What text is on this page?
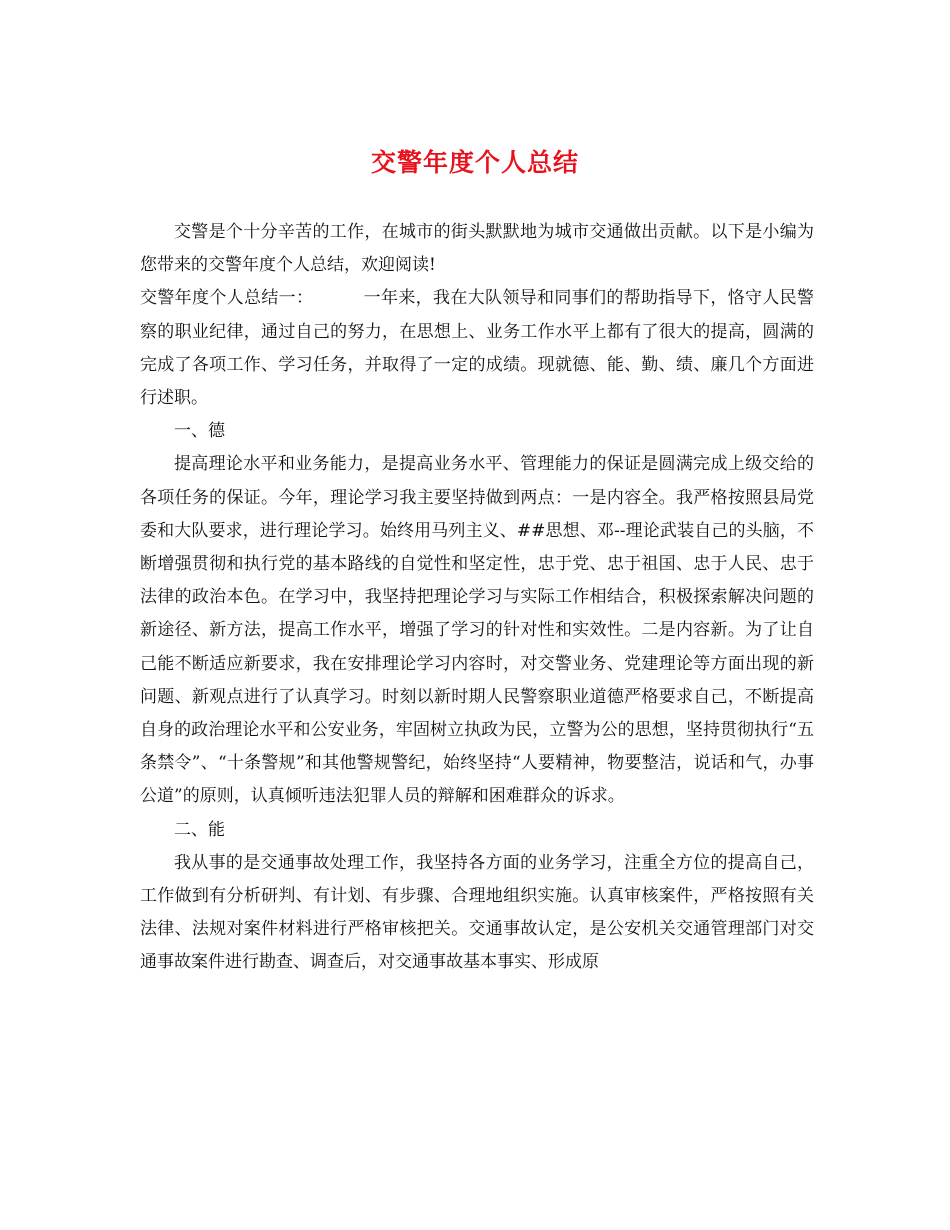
交警年度个人总结

交警是个十分辛苦的工作，在城市的街头默默地为城市交通做出贡献。以下是小编为您带来的交警年度个人总结，欢迎阅读!

交警年度个人总结一：	一年来，我在大队领导和同事们的帮助指导下，恪守人民警察的职业纪律，通过自己的努力，在思想上、业务工作水平上都有了很大的提高，圆满的完成了各项工作、学习任务，并取得了一定的成绩。现就德、能、勤、绩、廉几个方面进行述职。

一、德

提高理论水平和业务能力，是提高业务水平、管理能力的保证是圆满完成上级交给的各项任务的保证。今年，理论学习我主要坚持做到两点：一是内容全。我严格按照县局党委和大队要求，进行理论学习。始终用马列主义、##思想、邓--理论武装自己的头脑，不断增强贯彻和执行党的基本路线的自觉性和坚定性，忠于党、忠于祖国、忠于人民、忠于法律的政治本色。在学习中，我坚持把理论学习与实际工作相结合，积极探索解决问题的新途径、新方法，提高工作水平，增强了学习的针对性和实效性。二是内容新。为了让自己能不断适应新要求，我在安排理论学习内容时，对交警业务、党建理论等方面出现的新问题、新观点进行了认真学习。时刻以新时期人民警察职业道德严格要求自己，不断提高自身的政治理论水平和公安业务，牢固树立执政为民，立警为公的思想，坚持贯彻执行“五条禁令”、“十条警规”和其他警规警纪，始终坚持“人要精神，物要整洁，说话和气，办事公道”的原则，认真倾听违法犯罪人员的辩解和困难群众的诉求。

二、能

我从事的是交通事故处理工作，我坚持各方面的业务学习，注重全方位的提高自己，工作做到有分析研判、有计划、有步骤、合理地组织实施。认真审核案件，严格按照有关法律、法规对案件材料进行严格审核把关。交通事故认定，是公安机关交通管理部门对交通事故案件进行勘查、调查后，对交通事故基本事实、形成原
